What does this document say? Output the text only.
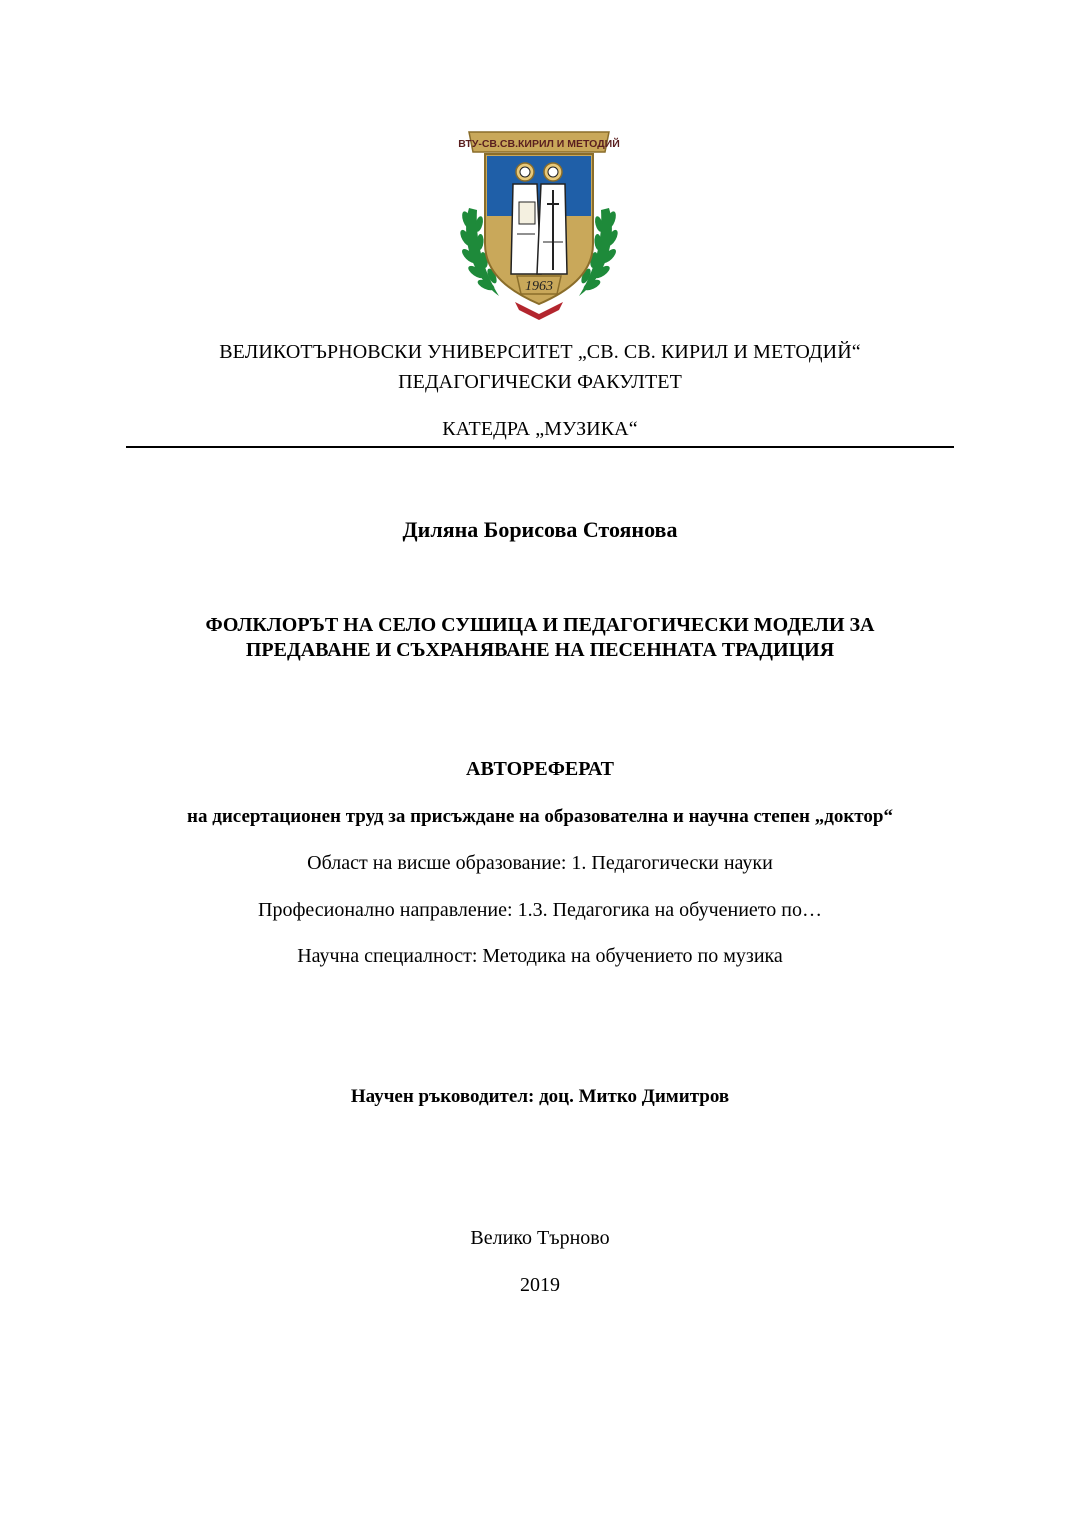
1963
ВТУ-СВ.СВ.КИРИЛ И МЕТОДИЙ
ВЕЛИКОТЪРНОВСКИ УНИВЕРСИТЕТ „СВ. СВ. КИРИЛ И МЕТОДИЙ“
ПЕДАГОГИЧЕСКИ ФАКУЛТЕТ
КАТЕДРА „МУЗИКА“
Диляна Борисова Стоянова
ФОЛКЛОРЪТ НА СЕЛО СУШИЦА И ПЕДАГОГИЧЕСКИ МОДЕЛИ ЗА
ПРЕДАВАНЕ И СЪХРАНЯВАНЕ НА ПЕСЕННАТА ТРАДИЦИЯ
АВТОРЕФЕРАТ
на дисертационен труд за присъждане на образователна и научна степен „доктор“
Област на висше образование: 1. Педагогически науки
Професионално направление: 1.3. Педагогика на обучението по…
Научна специалност: Методика на обучението по музика
Научен ръководител: доц. Митко Димитров
Велико Търново
2019
